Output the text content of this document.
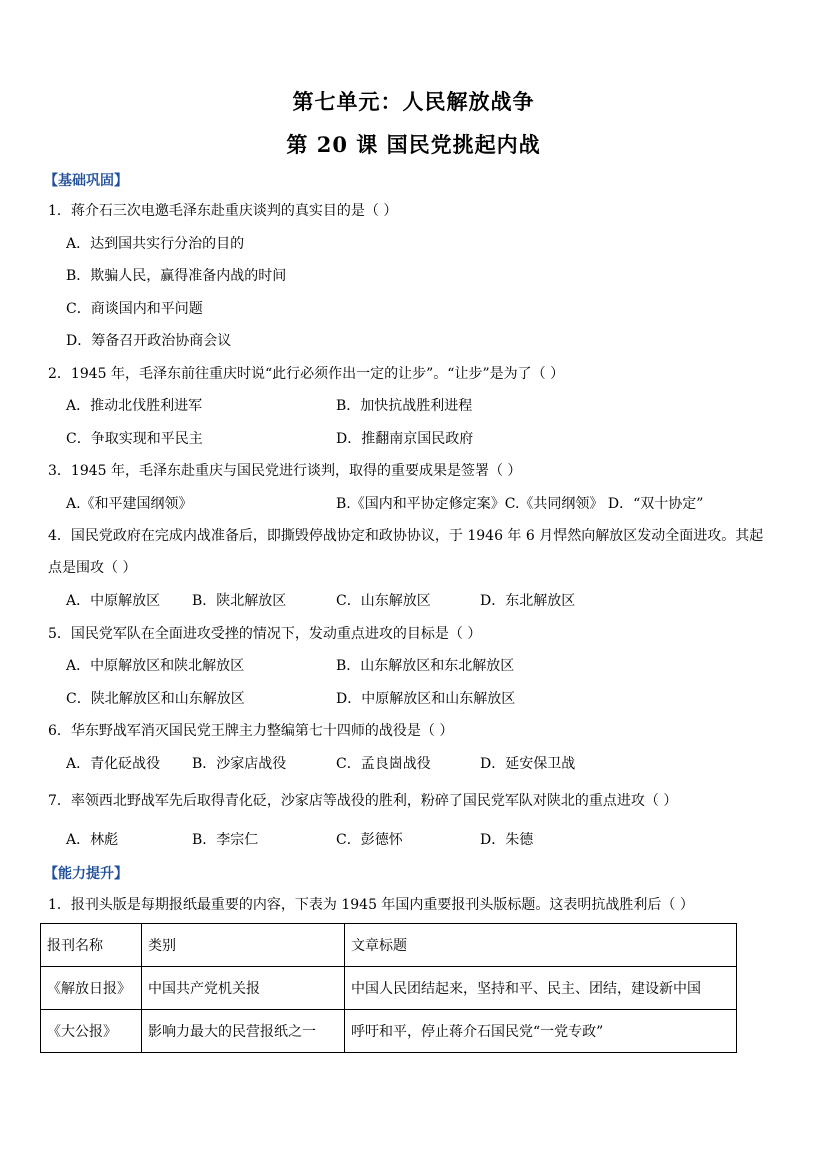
第七单元：人民解放战争
第 20 课 国民党挑起内战
【基础巩固】
1．蒋介石三次电邀毛泽东赴重庆谈判的真实目的是（ ）
A．达到国共实行分治的目的
B．欺骗人民，赢得准备内战的时间
C．商谈国内和平问题
D．筹备召开政治协商会议
2．1945 年，毛泽东前往重庆时说“此行必须作出一定的让步”。“让步”是为了（ ）
A．推动北伐胜利进军	B．加快抗战胜利进程
C．争取实现和平民主	D．推翻南京国民政府
3．1945 年，毛泽东赴重庆与国民党进行谈判，取得的重要成果是签署（ ）
A.《和平建国纲领》	B.《国内和平协定修定案》C.《共同纲领》 D．“双十协定”
4．国民党政府在完成内战准备后，即撕毁停战协定和政协协议，于 1946 年 6 月悍然向解放区发动全面进攻。其起
点是围攻（ ）
A．中原解放区 B．陕北解放区	C．山东解放区	D．东北解放区
5．国民党军队在全面进攻受挫的情况下，发动重点进攻的目标是（ ）
A．中原解放区和陕北解放区	B．山东解放区和东北解放区
C．陕北解放区和山东解放区	D．中原解放区和山东解放区
6．华东野战军消灭国民党王牌主力整编第七十四师的战役是（ ）
A．青化砭战役 B．沙家店战役	C．孟良崮战役	D．延安保卫战
7．率领西北野战军先后取得青化砭，沙家店等战役的胜利，粉碎了国民党军队对陕北的重点进攻（ ）
A．林彪	B．李宗仁	C．彭德怀	D．朱德
【能力提升】
1．报刊头版是每期报纸最重要的内容，下表为 1945 年国内重要报刊头版标题。这表明抗战胜利后（ ）
报刊名称	类别	文章标题
《解放日报》	中国共产党机关报	中国人民团结起来，坚持和平、民主、团结，建设新中国
《大公报》	影响力最大的民营报纸之一	呼吁和平，停止蒋介石国民党“一党专政”
